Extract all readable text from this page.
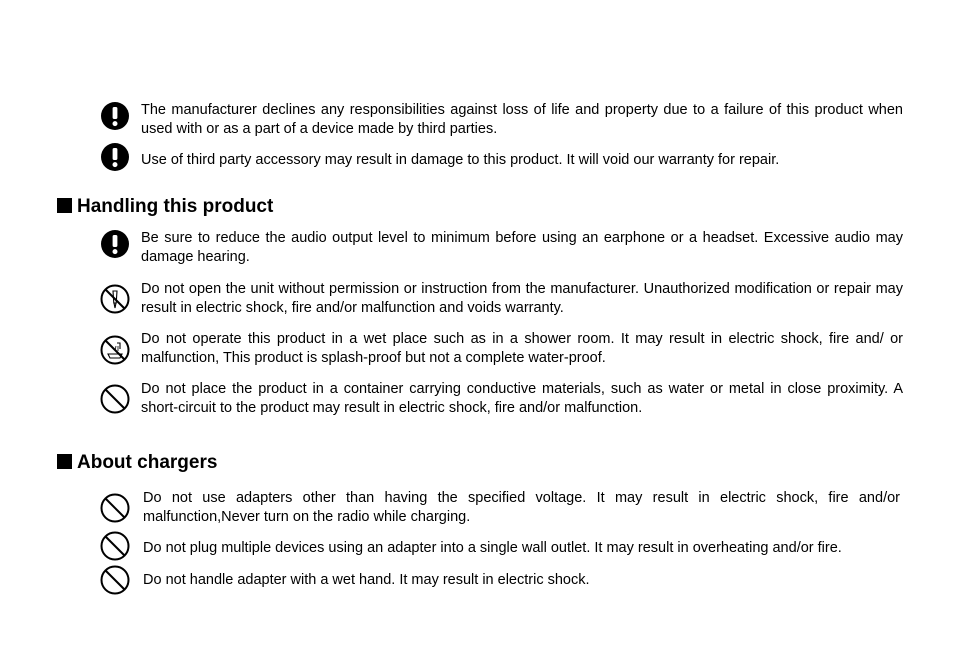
The manufacturer declines any responsibilities against loss of life and property due to a failure of this product when used with or as a part of a device made by third parties.
Use of third party accessory may result in damage to this product. It will void our warranty for repair.
Handling this product
Be sure to reduce the audio output level to minimum before using an earphone or a headset. Excessive audio may damage hearing.
Do not open the unit without permission or instruction from the manufacturer. Unauthorized modification or repair may result in electric shock, fire and/or malfunction and voids warranty.
Do not operate this product in a wet place such as in a shower room. It may result in electric shock, fire and/ or malfunction, This product is splash-proof but not a complete water-proof.
Do not place the product in a container carrying conductive materials, such as water or metal in close proximity. A short-circuit to the product may result in electric shock, fire and/or malfunction.
About chargers
Do not use adapters other than having the specified voltage. It may result in electric shock, fire and/or malfunction,Never turn on the radio while charging.
Do not plug multiple devices using an adapter into a single wall outlet. It may result in overheating and/or fire.
Do not handle adapter with a wet hand. It may result in electric shock.
